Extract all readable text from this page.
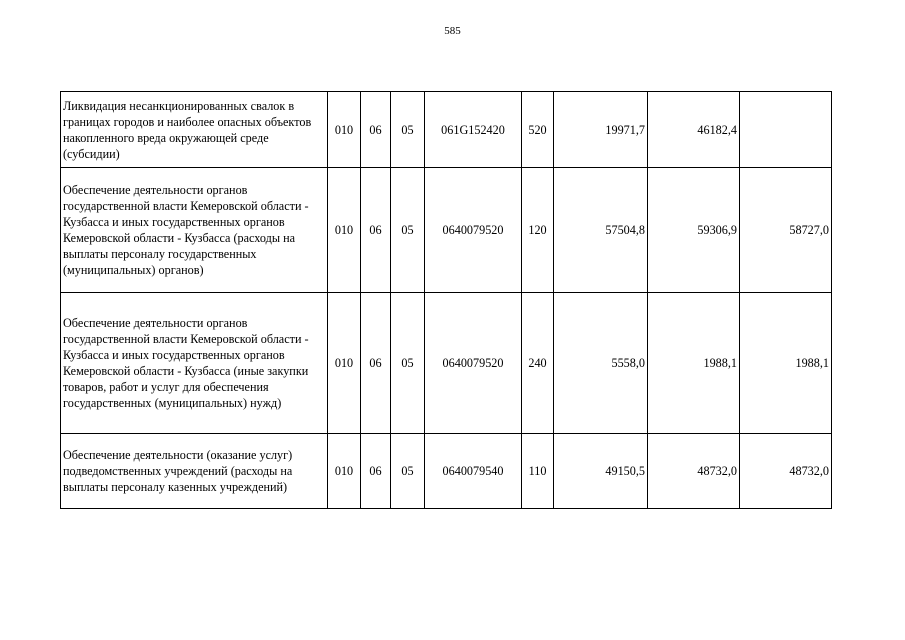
585
Ликвидация несанкционированных свалок в границах городов и наиболее опасных объектов накопленного вреда окружающей среде (субсидии)	010	06	05	061G152420	520	19971,7	46182,4	
Обеспечение деятельности органов государственной власти Кемеровской области - Кузбасса и иных государственных органов Кемеровской области - Кузбасса (расходы на выплаты персоналу государственных (муниципальных) органов)	010	06	05	0640079520	120	57504,8	59306,9	58727,0
Обеспечение деятельности органов государственной власти Кемеровской области - Кузбасса и иных государственных органов Кемеровской области - Кузбасса (иные закупки товаров, работ и услуг для обеспечения государственных (муниципальных) нужд)	010	06	05	0640079520	240	5558,0	1988,1	1988,1
Обеспечение деятельности (оказание услуг) подведомственных учреждений (расходы на выплаты персоналу казенных учреждений)	010	06	05	0640079540	110	49150,5	48732,0	48732,0
